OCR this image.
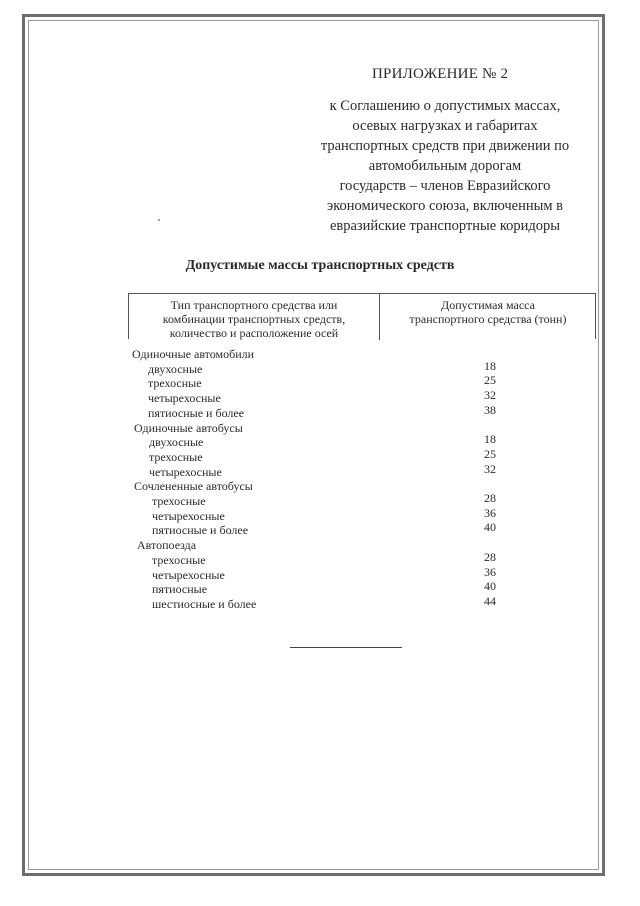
ПРИЛОЖЕНИЕ № 2
к Соглашению о допустимых массах,
осевых нагрузках и габаритах
транспортных средств при движении по
автомобильным дорогам
государств – членов Евразийского
экономического союза, включенным в
евразийские транспортные коридоры
Допустимые массы транспортных средств
Тип транспортного средства или
комбинации транспортных средств,
количество и расположение осей
Допустимая масса
транспортного средства (тонн)
Одиночные автомобили
двухосные	18
трехосные	25
четырехосные	32
пятиосные и более	38
Одиночные автобусы
двухосные	18
трехосные	25
четырехосные	32
Сочлененные автобусы
трехосные	28
четырехосные	36
пятиосные и более	40
Автопоезда
трехосные	28
четырехосные	36
пятиосные	40
шестиосные и более	44
